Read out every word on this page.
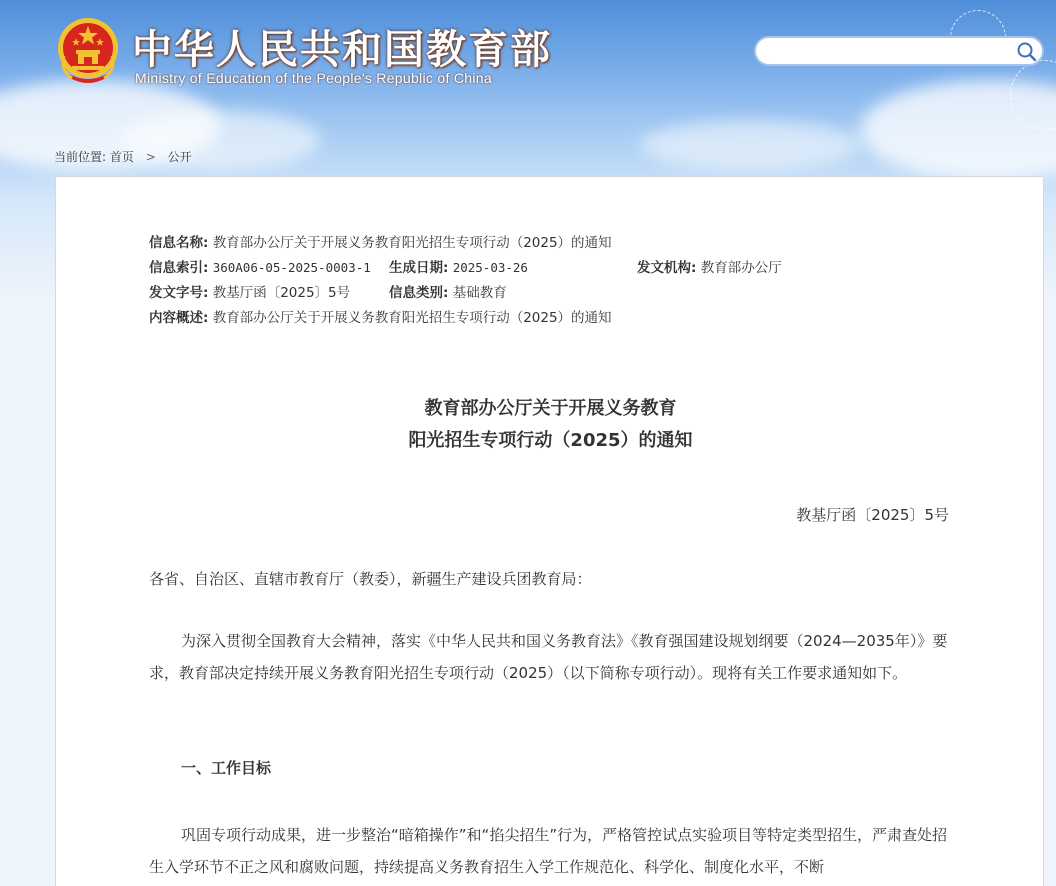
中华人民共和国教育部
Ministry of Education of the People's Republic of China
当前位置: 首页 > 公开
信息名称: 教育部办公厅关于开展义务教育阳光招生专项行动（2025）的通知
信息索引: 360A06-05-2025-0003-1 生成日期: 2025-03-26	发文机构: 教育部办公厅
发文字号: 教基厅函〔2025〕5号	信息类别: 基础教育
内容概述: 教育部办公厅关于开展义务教育阳光招生专项行动（2025）的通知
教育部办公厅关于开展义务教育
阳光招生专项行动（2025）的通知
教基厅函〔2025〕5号
各省、自治区、直辖市教育厅（教委），新疆生产建设兵团教育局：
为深入贯彻全国教育大会精神，落实《中华人民共和国义务教育法》《教育强国建设规划纲要（2024—2035年）》要求，教育部决定持续开展义务教育阳光招生专项行动（2025）（以下简称专项行动）。现将有关工作要求通知如下。
一、工作目标
巩固专项行动成果，进一步整治“暗箱操作”和“掐尖招生”行为，严格管控试点实验项目等特定类型招生，严肃查处招生入学环节不正之风和腐败问题，持续提高义务教育招生入学工作规范化、科学化、制度化水平，不断
